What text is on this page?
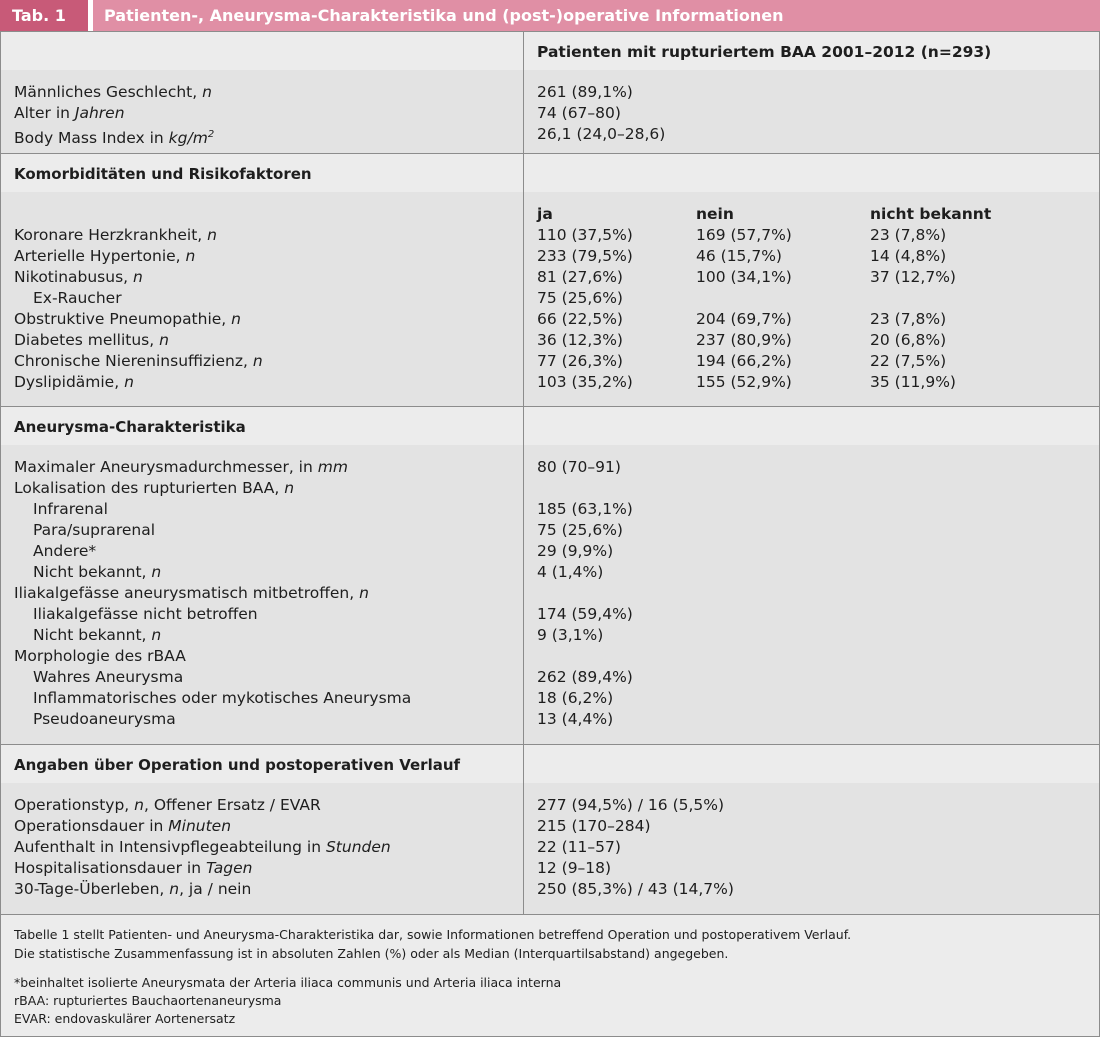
Tab. 1	Patienten-, Aneurysma-Charakteristika und (post-)operative Informationen
Patienten mit rupturiertem BAA 2001–2012 (n=293)
Männliches Geschlecht, n	261 (89,1%)
Alter in Jahren	74 (67–80)
Body Mass Index in $kg/m^2$	26,1 (24,0–28,6)
Komorbiditäten und Risikofaktoren
ja	nein	nicht bekannt
Koronare Herzkrankheit, n	110 (37,5%)	169 (57,7%)	23 (7,8%)
Arterielle Hypertonie, n	233 (79,5%)	46 (15,7%)	14 (4,8%)
Nikotinabusus, n	81 (27,6%)	100 (34,1%)	37 (12,7%)
Ex-Raucher	75 (25,6%)
Obstruktive Pneumopathie, n	66 (22,5%)	204 (69,7%)	23 (7,8%)
Diabetes mellitus, n	36 (12,3%)	237 (80,9%)	20 (6,8%)
Chronische Niereninsuffizienz, n	77 (26,3%)	194 (66,2%)	22 (7,5%)
Dyslipidämie, n	103 (35,2%)	155 (52,9%)	35 (11,9%)
Aneurysma-Charakteristika
Maximaler Aneurysmadurchmesser, in mm	80 (70–91)
Lokalisation des rupturierten BAA, n
Infrarenal	185 (63,1%)
Para/suprarenal	75 (25,6%)
Andere*	29 (9,9%)
Nicht bekannt, n	4 (1,4%)
Iliakalgefässe aneurysmatisch mitbetroffen, n
Iliakalgefässe nicht betroffen	174 (59,4%)
Nicht bekannt, n	9 (3,1%)
Morphologie des rBAA
Wahres Aneurysma	262 (89,4%)
Inflammatorisches oder mykotisches Aneurysma	18 (6,2%)
Pseudoaneurysma	13 (4,4%)
Angaben über Operation und postoperativen Verlauf
Operationstyp, n, Offener Ersatz / EVAR	277 (94,5%) / 16 (5,5%)
Operationsdauer in Minuten	215 (170–284)
Aufenthalt in Intensivpflegeabteilung in Stunden	22 (11–57)
Hospitalisationsdauer in Tagen	12 (9–18)
30-Tage-Überleben, n, ja / nein	250 (85,3%) / 43 (14,7%)
Tabelle 1 stellt Patienten- und Aneurysma-Charakteristika dar, sowie Informationen betreffend Operation und postoperativem Verlauf.
Die statistische Zusammenfassung ist in absoluten Zahlen (%) oder als Median (Interquartilsabstand) angegeben.
*beinhaltet isolierte Aneurysmata der Arteria iliaca communis und Arteria iliaca interna
rBAA: rupturiertes Bauchaortenaneurysma
EVAR: endovaskulärer Aortenersatz
